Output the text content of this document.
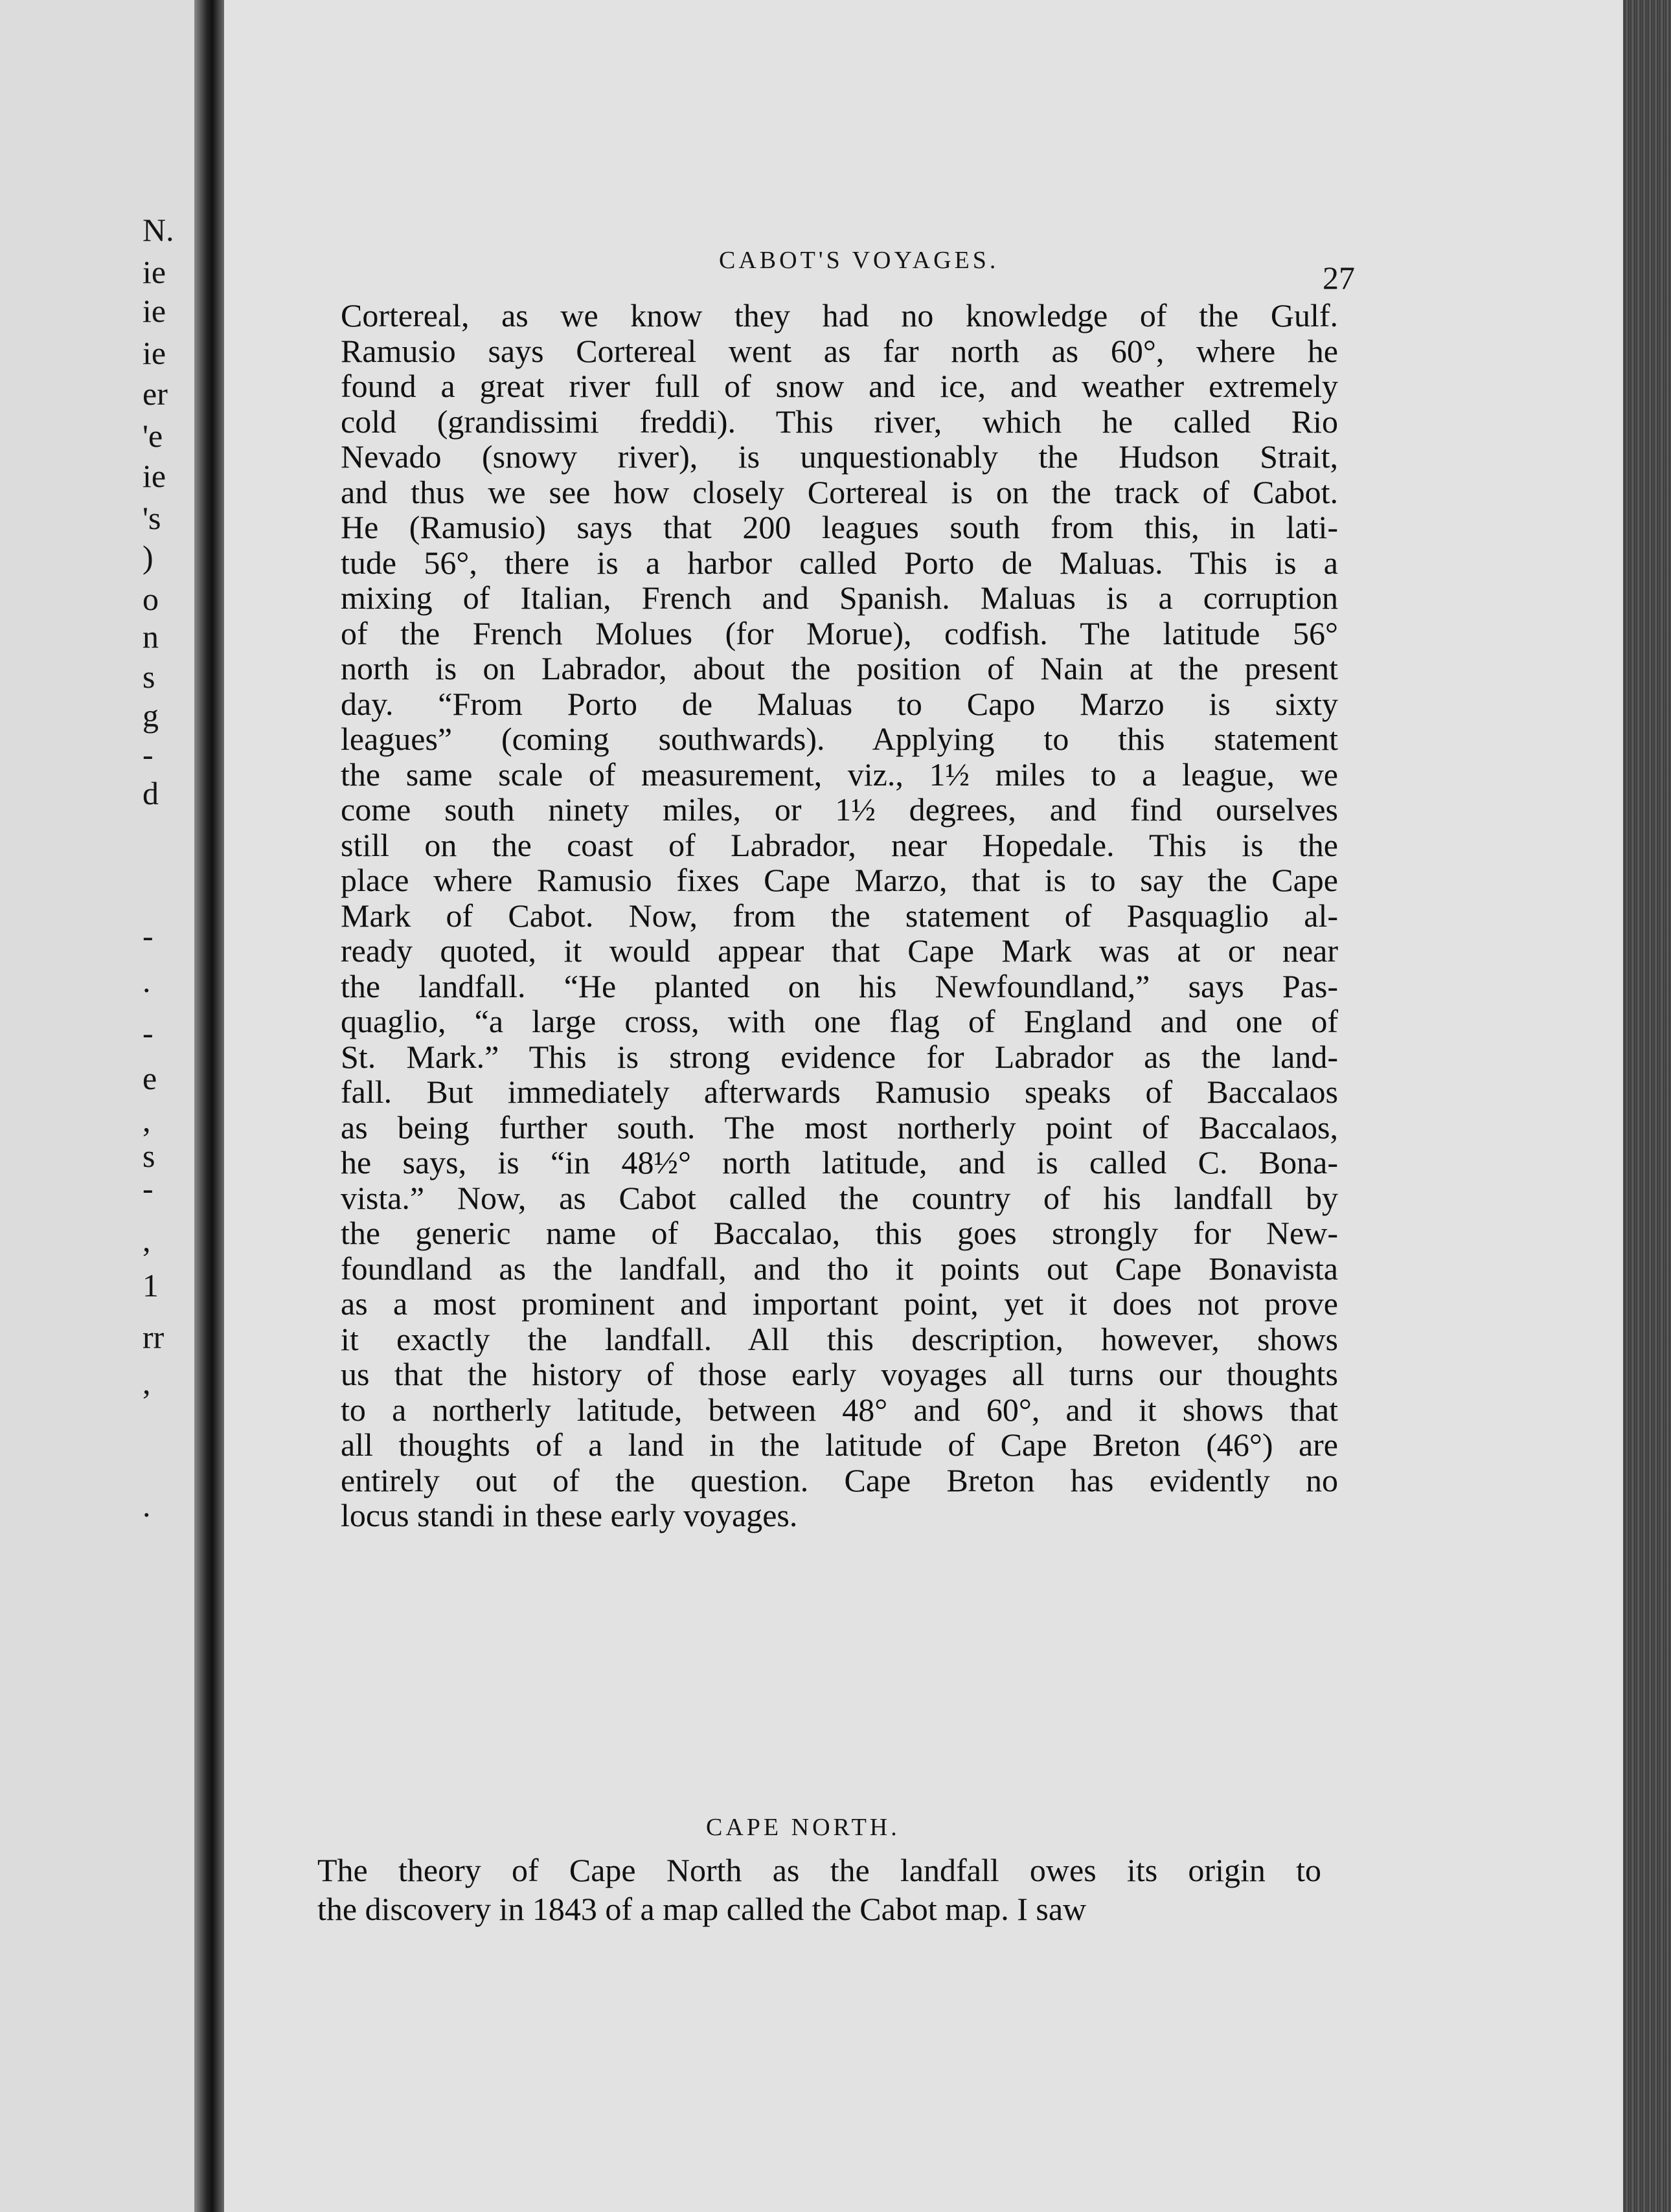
N.
ie
ie
ie
er
'e
ie
's
)
o
n
s
g
-
d
-
.
-
e
,
s
-
,
1
rr
,
.
CABOT'S VOYAGES.	27
Cortereal, as we know they had no knowledge of the Gulf.
Ramusio says Cortereal went as far north as 60°, where he
found a great river full of snow and ice, and weather extremely
cold (grandissimi freddi). This river, which he called Rio
Nevado (snowy river), is unquestionably the Hudson Strait,
and thus we see how closely Cortereal is on the track of Cabot.
He (Ramusio) says that 200 leagues south from this, in lati-
tude 56°, there is a harbor called Porto de Maluas. This is a
mixing of Italian, French and Spanish. Maluas is a corruption
of the French Molues (for Morue), codfish. The latitude 56°
north is on Labrador, about the position of Nain at the present
day. “From Porto de Maluas to Capo Marzo is sixty
leagues” (coming southwards). Applying to this statement
the same scale of measurement, viz., 1½ miles to a league, we
come south ninety miles, or 1½ degrees, and find ourselves
still on the coast of Labrador, near Hopedale. This is the
place where Ramusio fixes Cape Marzo, that is to say the Cape
Mark of Cabot. Now, from the statement of Pasquaglio al-
ready quoted, it would appear that Cape Mark was at or near
the landfall. “He planted on his Newfoundland,” says Pas-
quaglio, “a large cross, with one flag of England and one of
St. Mark.” This is strong evidence for Labrador as the land-
fall. But immediately afterwards Ramusio speaks of Baccalaos
as being further south. The most northerly point of Baccalaos,
he says, is “in 48½° north latitude, and is called C. Bona-
vista.” Now, as Cabot called the country of his landfall by
the generic name of Baccalao, this goes strongly for New-
foundland as the landfall, and tho it points out Cape Bonavista
as a most prominent and important point, yet it does not prove
it exactly the landfall. All this description, however, shows
us that the history of those early voyages all turns our thoughts
to a northerly latitude, between 48° and 60°, and it shows that
all thoughts of a land in the latitude of Cape Breton (46°) are
entirely out of the question. Cape Breton has evidently no
locus standi in these early voyages.
CAPE NORTH.
The theory of Cape North as the landfall owes its origin to
the discovery in 1843 of a map called the Cabot map. I saw
